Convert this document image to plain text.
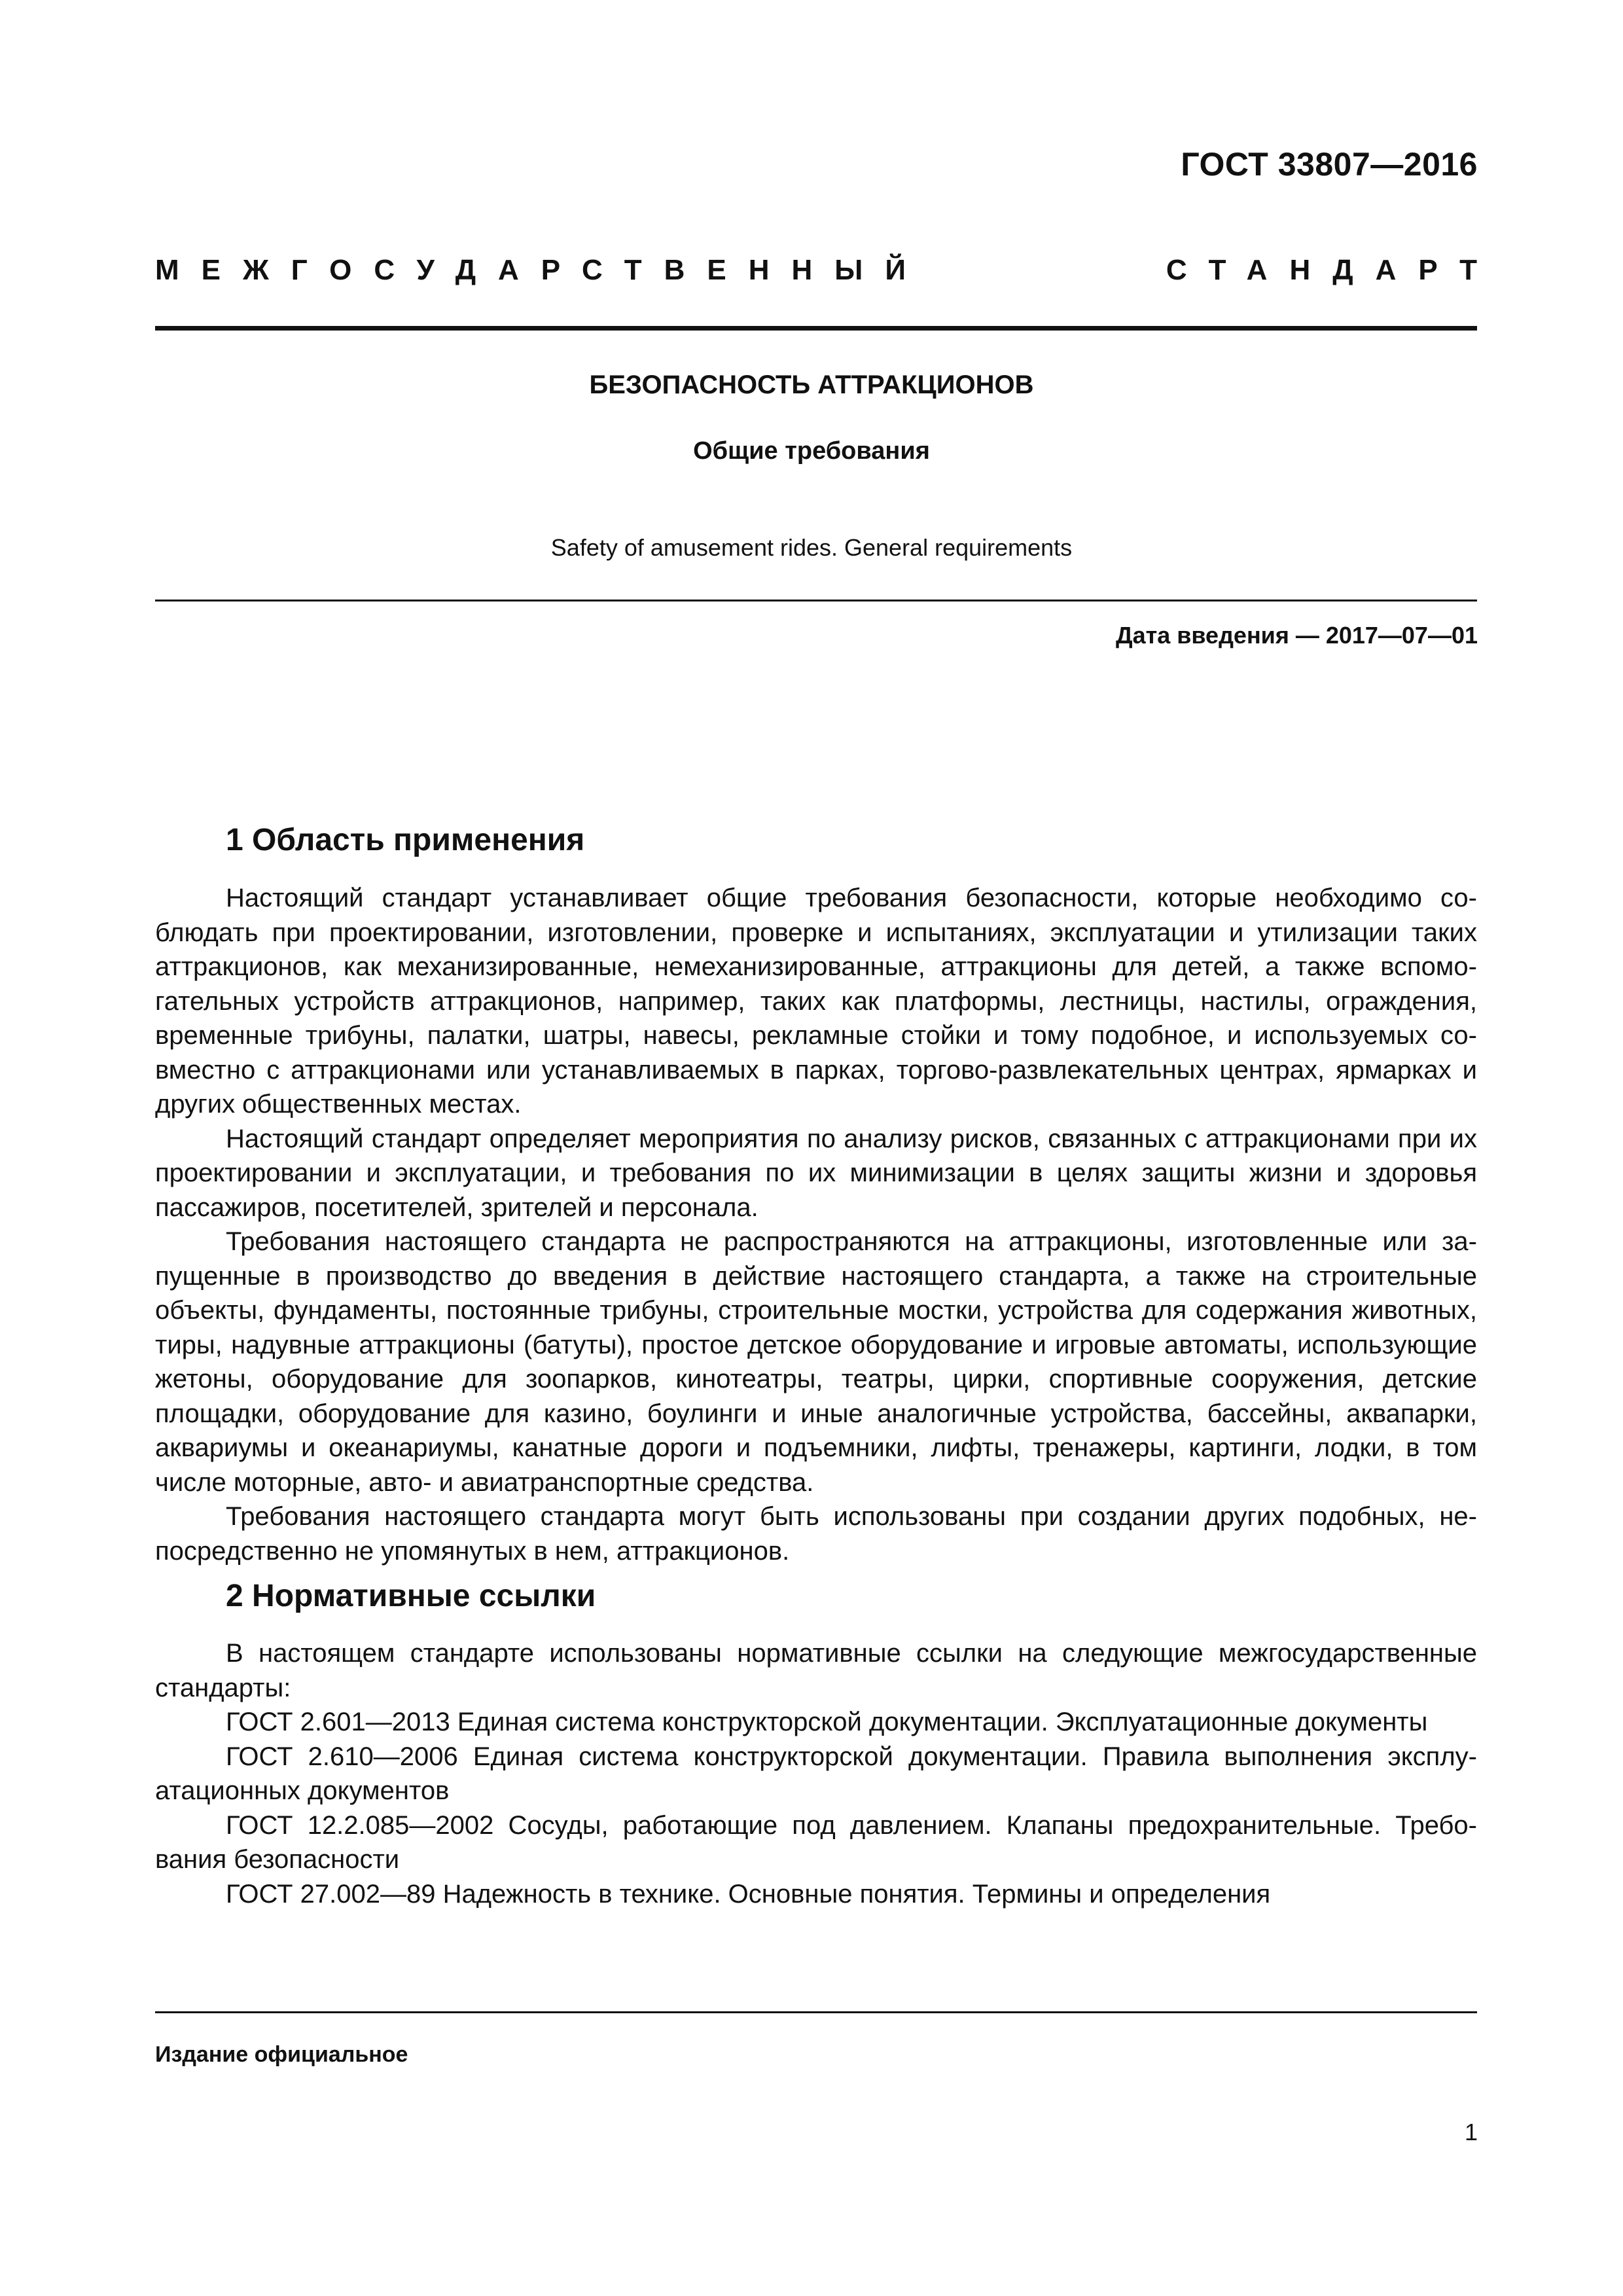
ГОСТ 33807—2016
МЕЖГОСУДАРСТВЕННЫЙ	СТАНДАРТ
БЕЗОПАСНОСТЬ АТТРАКЦИОНОВ
Общие требования
Safety of amusement rides. General requirements
Дата введения — 2017—07—01
1 Область применения

Настоящий стандарт устанавливает общие требования безопасности, которые необходимо соблюдать при проектировании, изготовлении, проверке и испытаниях, эксплуатации и утилизации таких аттракционов, как механизированные, немеханизированные, аттракционы для детей, а также вспомогательных устройств аттракционов, например, таких как платформы, лестницы, настилы, ограждения, временные трибуны, палатки, шатры, навесы, рекламные стойки и тому подобное, и используемых совместно с аттракционами или устанавливаемых в парках, торгово-развлекательных центрах, ярмарках и других общественных местах.

Настоящий стандарт определяет мероприятия по анализу рисков, связанных с аттракционами при их проектировании и эксплуатации, и требования по их минимизации в целях защиты жизни и здоровья пассажиров, посетителей, зрителей и персонала.

Требования настоящего стандарта не распространяются на аттракционы, изготовленные или запущенные в производство до введения в действие настоящего стандарта, а также на строительные объекты, фундаменты, постоянные трибуны, строительные мостки, устройства для содержания животных, тиры, надувные аттракционы (батуты), простое детское оборудование и игровые автоматы, использующие жетоны, оборудование для зоопарков, кинотеатры, театры, цирки, спортивные сооружения, детские площадки, оборудование для казино, боулинги и иные аналогичные устройства, бассейны, аквапарки, аквариумы и океанариумы, канатные дороги и подъемники, лифты, тренажеры, картинги, лодки, в том числе моторные, авто- и авиатранспортные средства.

Требования настоящего стандарта могут быть использованы при создании других подобных, непосредственно не упомянутых в нем, аттракционов.

2 Нормативные ссылки

В настоящем стандарте использованы нормативные ссылки на следующие межгосударственные стандарты:

ГОСТ 2.601—2013 Единая система конструкторской документации. Эксплуатационные документы

ГОСТ 2.610—2006 Единая система конструкторской документации. Правила выполнения эксплуатационных документов

ГОСТ 12.2.085—2002 Сосуды, работающие под давлением. Клапаны предохранительные. Требования безопасности

ГОСТ 27.002—89 Надежность в технике. Основные понятия. Термины и определения

Издание официальное
1
